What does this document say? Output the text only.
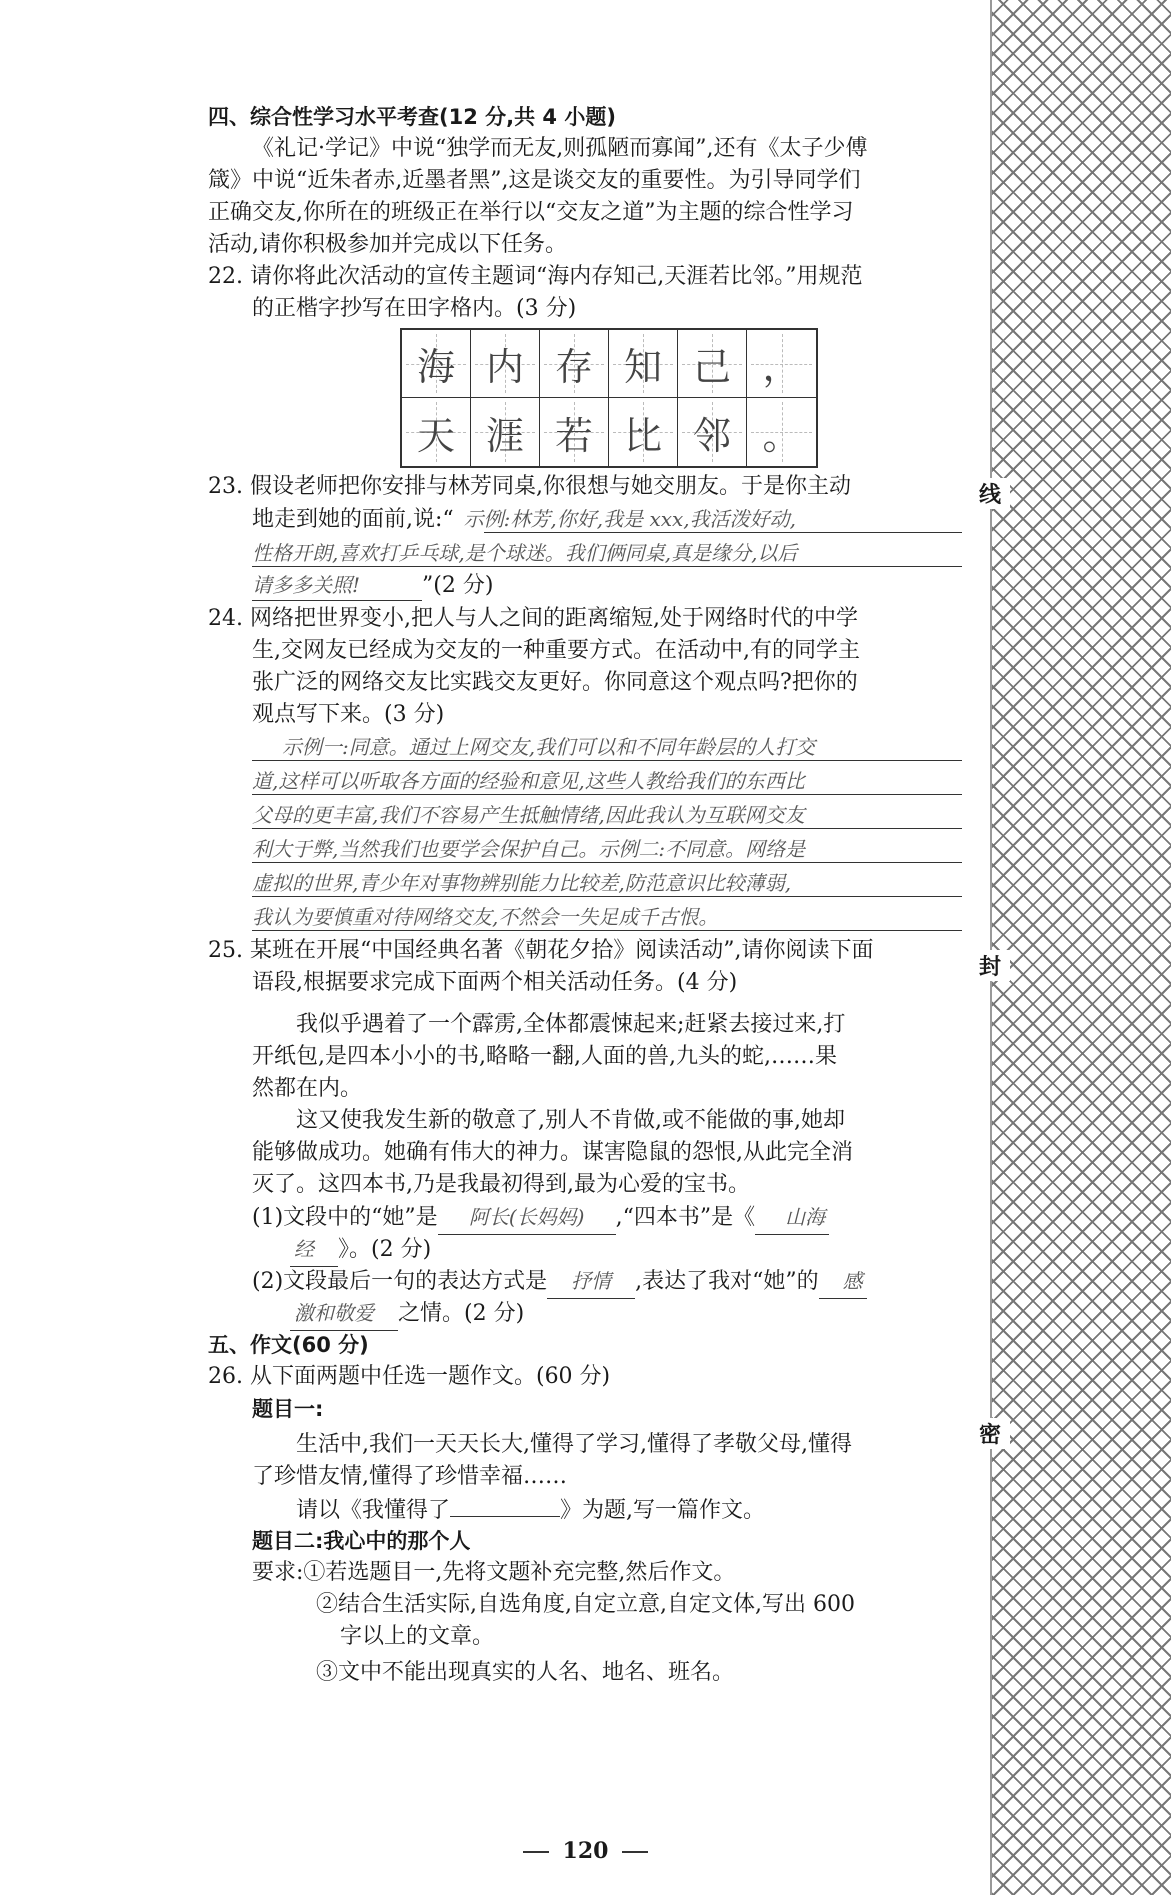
四、综合性学习水平考查(12 分,共 4 小题)
《礼记·学记》中说“独学而无友,则孤陋而寡闻”,还有《太子少傅
箴》中说“近朱者赤,近墨者黑”,这是谈交友的重要性。为引导同学们
正确交友,你所在的班级正在举行以“交友之道”为主题的综合性学习
活动,请你积极参加并完成以下任务。
22. 请你将此次活动的宣传主题词“海内存知己,天涯若比邻。”用规范
的正楷字抄写在田字格内。(3 分)
海 内 存 知 己 ，
天 涯 若 比 邻 。
23. 假设老师把你安排与林芳同桌,你很想与她交朋友。于是你主动
地走到她的面前,说:“ 示例:林芳,你好,我是 xxx,我活泼好动,
性格开朗,喜欢打乒乓球,是个球迷。我们俩同桌,真是缘分,以后
请多多关照!	”(2 分)
24. 网络把世界变小,把人与人之间的距离缩短,处于网络时代的中学
生,交网友已经成为交友的一种重要方式。在活动中,有的同学主
张广泛的网络交友比实践交友更好。你同意这个观点吗?把你的
观点写下来。(3 分)
示例一:同意。通过上网交友,我们可以和不同年龄层的人打交
道,这样可以听取各方面的经验和意见,这些人教给我们的东西比
父母的更丰富,我们不容易产生抵触情绪,因此我认为互联网交友
利大于弊,当然我们也要学会保护自己。示例二:不同意。网络是
虚拟的世界,青少年对事物辨别能力比较差,防范意识比较薄弱,
我认为要慎重对待网络交友,不然会一失足成千古恨。
25. 某班在开展“中国经典名著《朝花夕拾》阅读活动”,请你阅读下面
语段,根据要求完成下面两个相关活动任务。(4 分)
我似乎遇着了一个霹雳,全体都震悚起来;赶紧去接过来,打
开纸包,是四本小小的书,略略一翻,人面的兽,九头的蛇,……果
然都在内。
这又使我发生新的敬意了,别人不肯做,或不能做的事,她却
能够做成功。她确有伟大的神力。谋害隐鼠的怨恨,从此完全消
灭了。这四本书,乃是我最初得到,最为心爱的宝书。
(1)文段中的“她”是 阿长(长妈妈) ,“四本书”是《 山海
经 》。(2 分)
(2)文段最后一句的表达方式是 抒情 ,表达了我对“她”的 感
激和敬爱 之情。(2 分)
五、作文(60 分)
26. 从下面两题中任选一题作文。(60 分)
题目一:
生活中,我们一天天长大,懂得了学习,懂得了孝敬父母,懂得
了珍惜友情,懂得了珍惜幸福……
请以《我懂得了	》为题,写一篇作文。
题目二:我心中的那个人
要求:①若选题目一,先将文题补充完整,然后作文。
②结合生活实际,自选角度,自定立意,自定文体,写出 600
字以上的文章。
③文中不能出现真实的人名、地名、班名。
线
封
密
120
